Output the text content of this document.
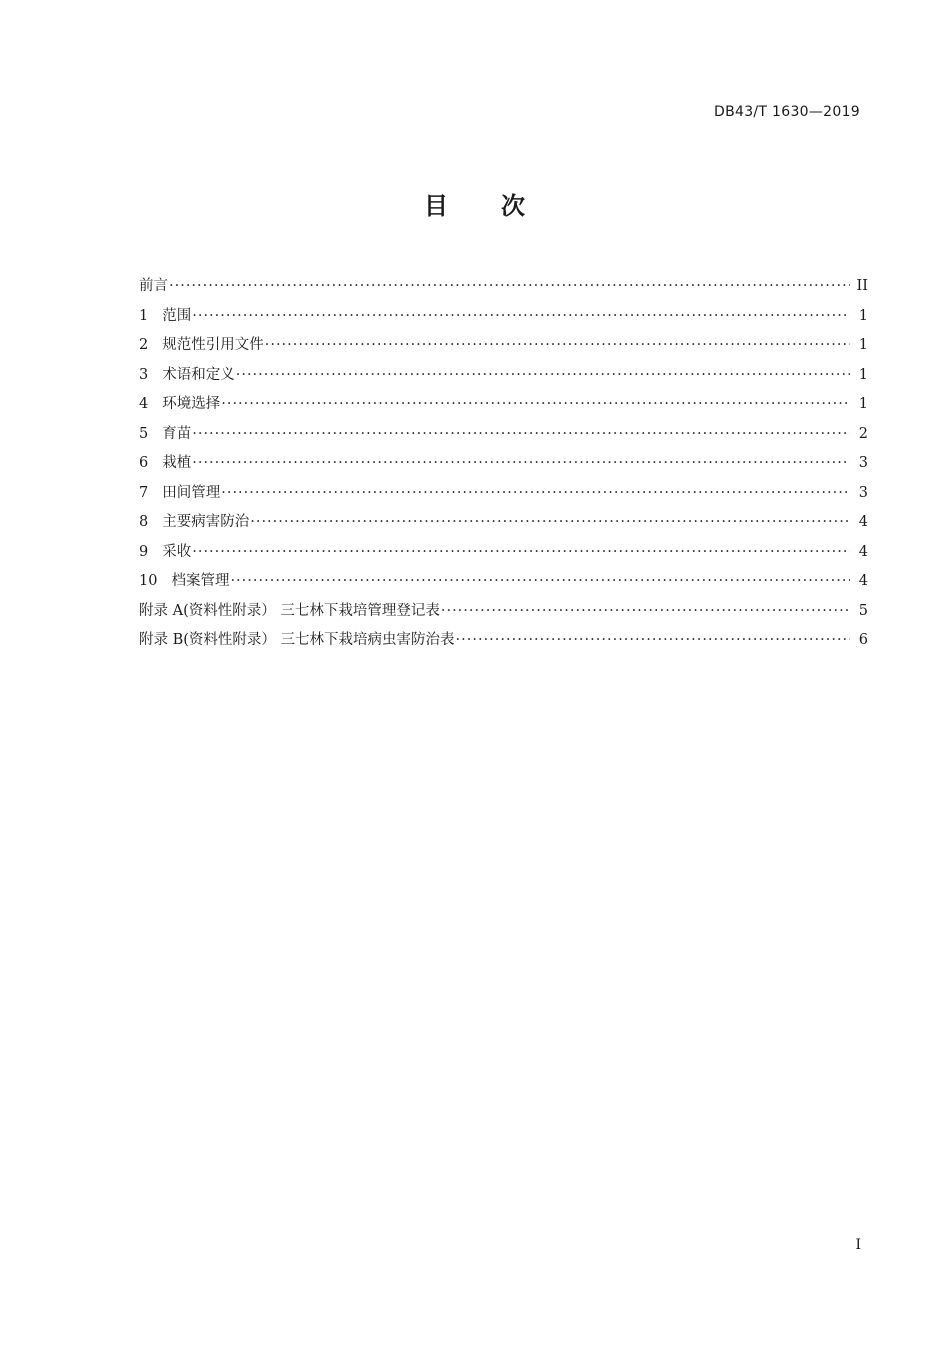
DB43/T 1630—2019
目 次
前言 ·····	II
1 范围 ·····	1
2 规范性引用文件 ·····	1
3 术语和定义 ·····	1
4 环境选择 ·····	1
5 育苗 ·····	2
6 栽植 ·····	3
7 田间管理 ·····	3
8 主要病害防治 ·····	4
9 采收 ·····	4
10 档案管理 ·····	4
附录 A(资料性附录） 三七林下栽培管理登记表 ·····	5
附录 B(资料性附录） 三七林下栽培病虫害防治表 ·····	6
I
